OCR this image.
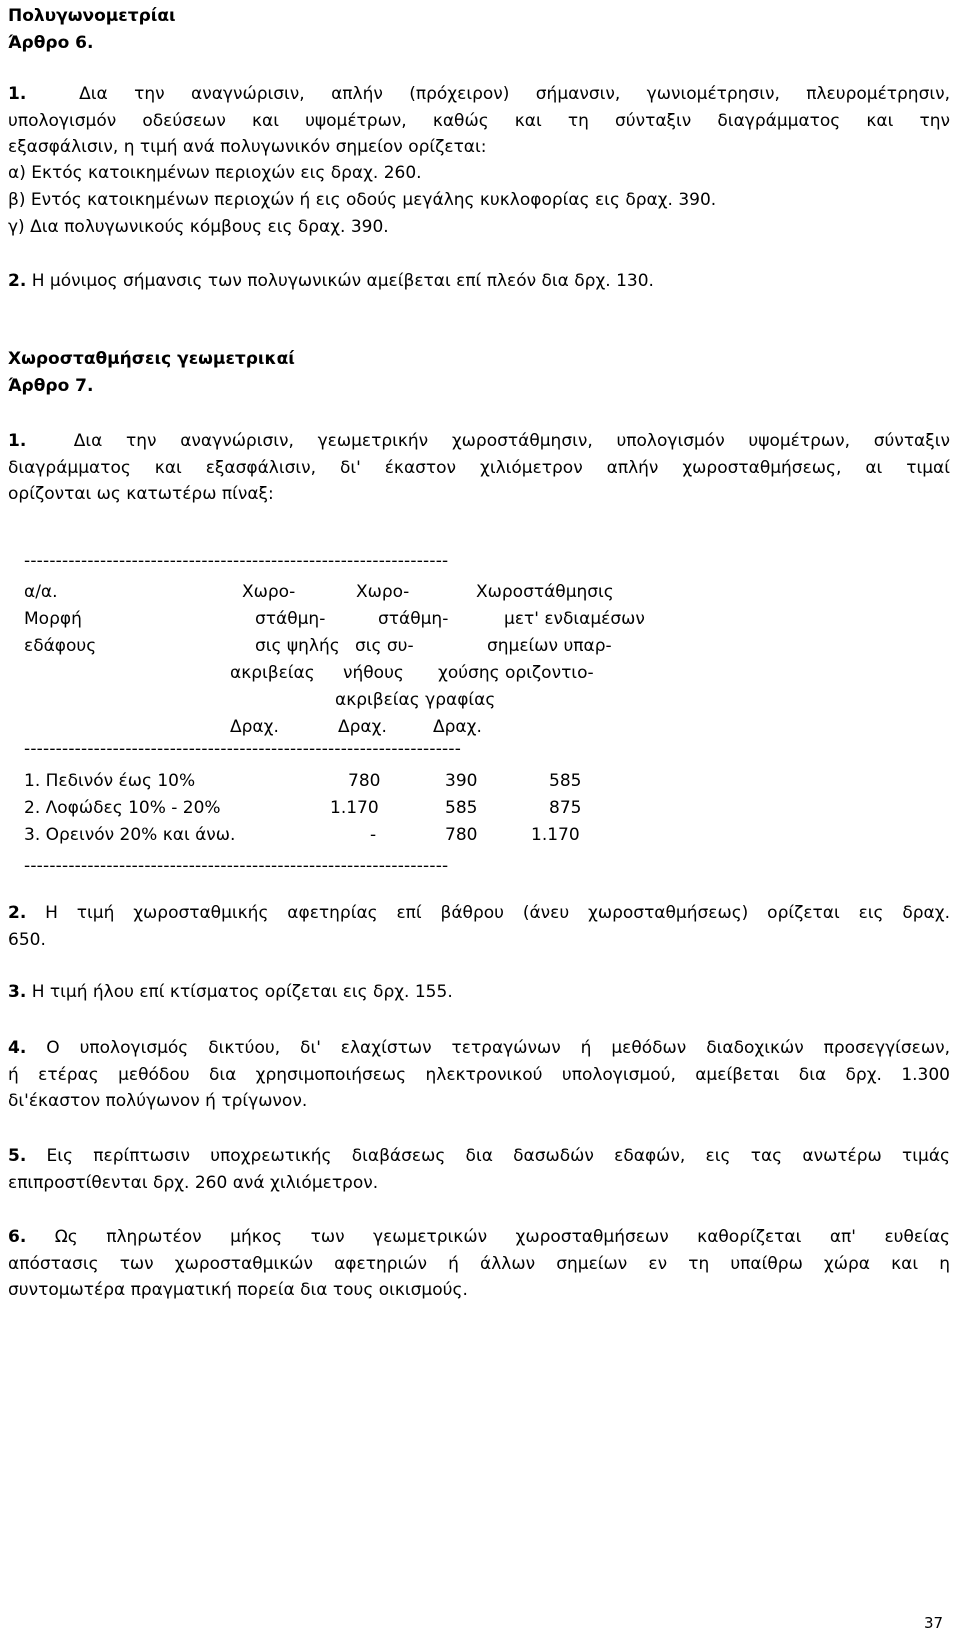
Πολυγωνομετρίαι
Άρθρο 6.
1.	Δια την αναγνώρισιν, απλήν (πρόχειρον) σήμανσιν, γωνιομέτρησιν, πλευρομέτρησιν,
υπολογισμόν οδεύσεων και υψομέτρων, καθώς και τη σύνταξιν διαγράμματος και την
εξασφάλισιν, η τιμή ανά πολυγωνικόν σημείον ορίζεται:
α) Εκτός κατοικημένων περιοχών εις δραχ. 260.
β) Εντός κατοικημένων περιοχών ή εις οδούς μεγάλης κυκλοφορίας εις δραχ. 390.
γ) Δια πολυγωνικούς κόμβους εις δραχ. 390.
2. Η μόνιμος σήμανσις των πολυγωνικών αμείβεται επί πλεόν δια δρχ. 130.
Χωροσταθμήσεις γεωμετρικαί
Άρθρο 7.
1.	Δια την αναγνώρισιν, γεωμετρικήν χωροστάθμησιν, υπολογισμόν υψομέτρων, σύνταξιν
διαγράμματος και εξασφάλισιν, δι' έκαστον χιλιόμετρον απλήν χωροσταθμήσεως, αι τιμαί
ορίζονται ως κατωτέρω πίναξ:
-------------------------------------------------------------------
α/α.
Μορφή
εδάφους
Χωρο-	Χωρο-	Χωροστάθμησις
στάθμη-	στάθμη-	μετ' ενδιαμέσων
σις ψηλής σις συ-	σημείων υπαρ-
ακριβείας νήθους χούσης οριζοντιο-
ακριβείας γραφίας
Δραχ.	Δραχ.	Δραχ.
---------------------------------------------------------------------
1. Πεδινόν έως 10%	780	390	585
2. Λοφώδες 10% - 20%	1.170	585	875
3. Ορεινόν 20% και άνω.	-	780	1.170
-------------------------------------------------------------------
2. Η τιμή χωροσταθμικής αφετηρίας επί βάθρου (άνευ χωροσταθμήσεως) ορίζεται εις δραχ.
650.
3. Η τιμή ήλου επί κτίσματος ορίζεται εις δρχ. 155.
4. Ο υπολογισμός δικτύου, δι' ελαχίστων τετραγώνων ή μεθόδων διαδοχικών προσεγγίσεων,
ή ετέρας μεθόδου δια χρησιμοποιήσεως ηλεκτρονικού υπολογισμού, αμείβεται δια δρχ. 1.300
δι'έκαστον πολύγωνον ή τρίγωνον.
5. Εις περίπτωσιν υποχρεωτικής διαβάσεως δια δασωδών εδαφών, εις τας ανωτέρω τιμάς
επιπροστίθενται δρχ. 260 ανά χιλιόμετρον.
6. Ως πληρωτέον μήκος των γεωμετρικών χωροσταθμήσεων καθορίζεται απ' ευθείας
απόστασις των χωροσταθμικών αφετηριών ή άλλων σημείων εν τη υπαίθρω χώρα και η
συντομωτέρα πραγματική πορεία δια τους οικισμούς.
37
